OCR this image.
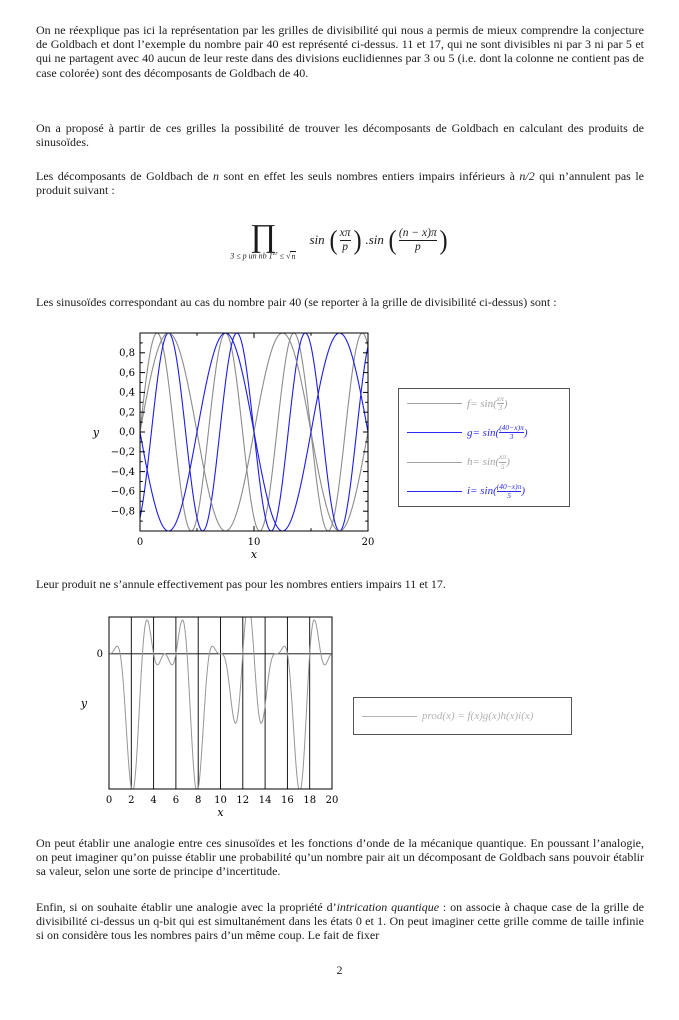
On ne réexplique pas ici la représentation par les grilles de divisibilité qui nous a permis de mieux comprendre la conjecture de Goldbach et dont l’exemple du nombre pair 40 est représenté ci-dessus. 11 et 17, qui ne sont divisibles ni par 3 ni par 5 et qui ne partagent avec 40 aucun de leur reste dans des divisions euclidiennes par 3 ou 5 (i.e. dont la colonne ne contient pas de case colorée) sont des décomposants de Goldbach de 40.
On a proposé à partir de ces grilles la possibilité de trouver les décomposants de Goldbach en calculant des produits de sinusoïdes.
Les décomposants de Goldbach de n sont en effet les seuls nombres entiers impairs inférieurs à n/2 qui n’annulent pas le produit suivant :
∏
3 ≤ p un nb 1er ≤ √n
sin ( $\frac{x\pi}{p}$ ) .sin ( $\frac{(n - x)\pi}{p}$ )
Les sinusoïdes correspondant au cas du nombre pair 40 (se reporter à la grille de divisibilité ci-dessus) sont :
0,8
0,6
0,4
0,2
0,0
−0,2
−0,4
−0,6
−0,8
0	10	20
y
x
$f = \sin( \frac{x\pi}{3}$ )
$g = \sin( \frac{(40-x)\pi}{3}$ )
$h = \sin( \frac{x\pi}{5}$ )
$i = \sin( \frac{(40-x)\pi}{5}$ )
Leur produit ne s’annule effectivement pas pour les nombres entiers impairs 11 et 17.
0 2 4 6 8 10 12 14 16 18 20
0
y
x
prod(x) = f(x)g(x)h(x)i(x)
On peut établir une analogie entre ces sinusoïdes et les fonctions d’onde de la mécanique quantique. En poussant l’analogie, on peut imaginer qu’on puisse établir une probabilité qu’un nombre pair ait un décomposant de Goldbach sans pouvoir établir sa valeur, selon une sorte de principe d’incertitude.
Enfin, si on souhaite établir une analogie avec la propriété d’intrication quantique : on associe à chaque case de la grille de divisibilité ci-dessus un q-bit qui est simultanément dans les états 0 et 1. On peut imaginer cette grille comme de taille infinie si on considère tous les nombres pairs d’un même coup. Le fait de fixer
2
